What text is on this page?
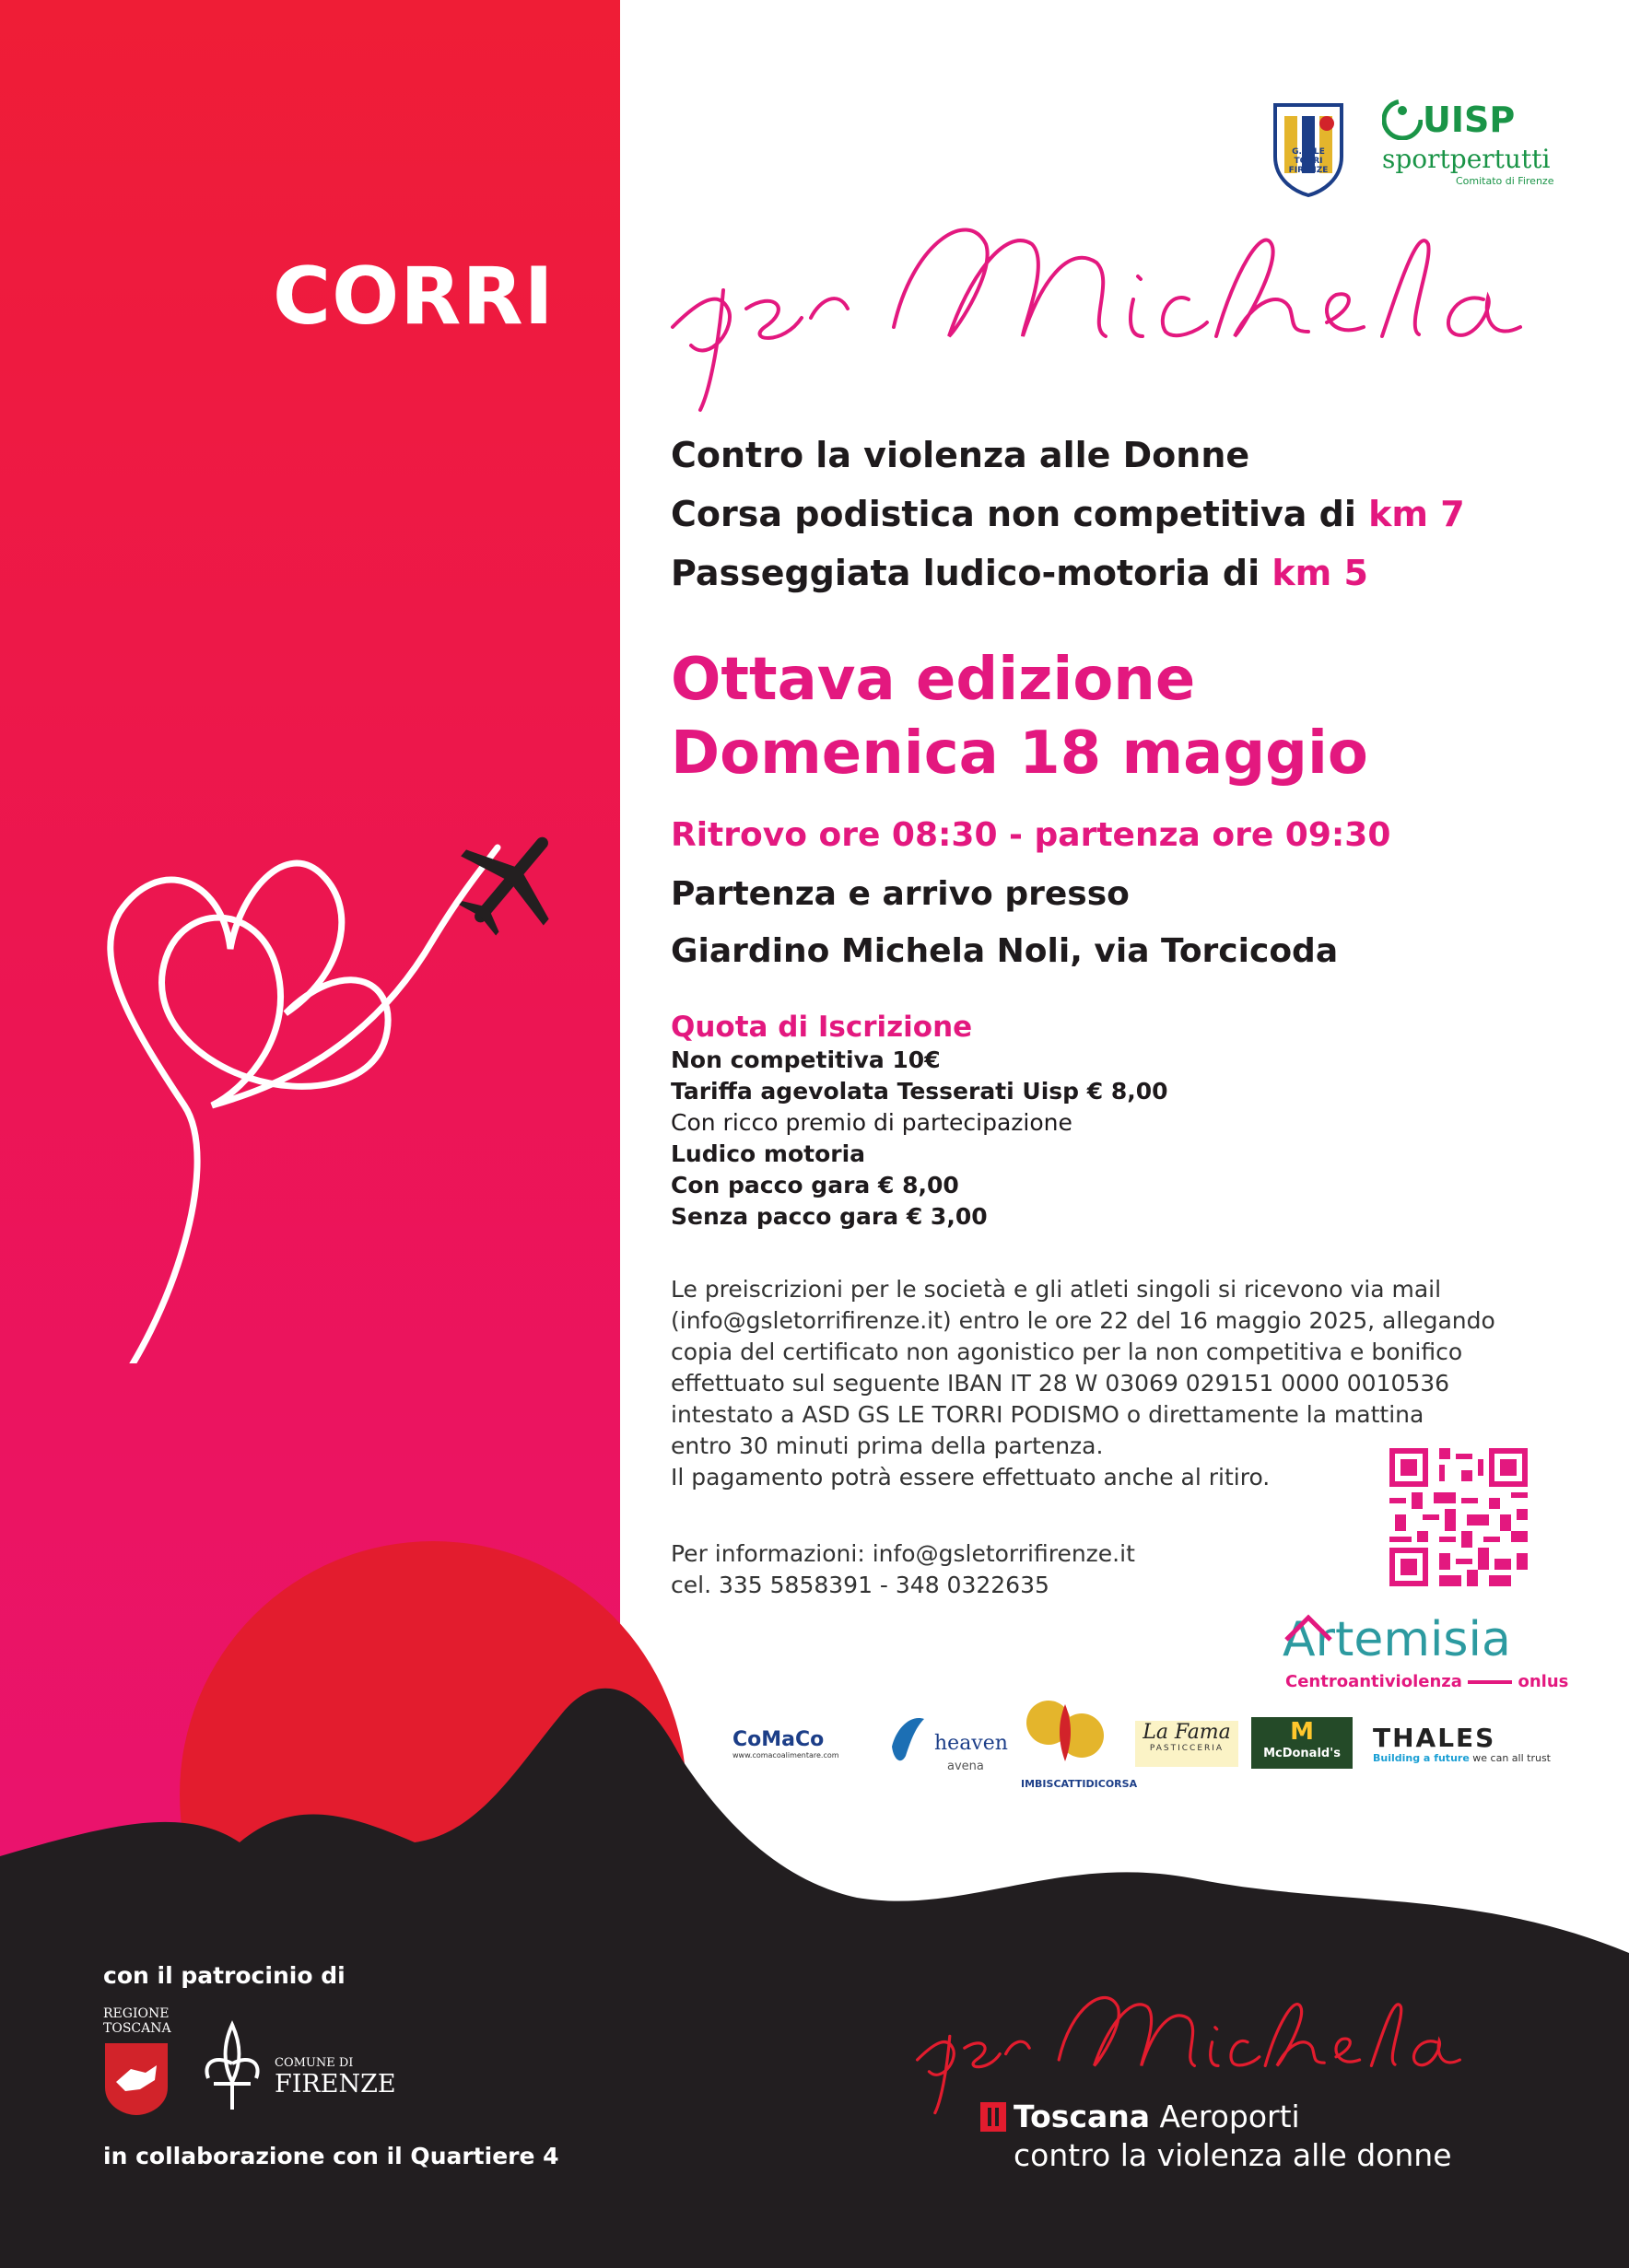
G.S. LE TORRI FIRENZE
UISP
sportpertutti
Comitato di Firenze
CORRI
Contro la violenza alle Donne
Corsa podistica non competitiva di km 7
Passeggiata ludico-motoria di km 5
Ottava edizione
Domenica 18 maggio
Ritrovo ore 08:30 - partenza ore 09:30
Partenza e arrivo presso
Giardino Michela Noli, via Torcicoda
Quota di Iscrizione
Non competitiva 10€
Tariffa agevolata Tesserati Uisp € 8,00
Con ricco premio di partecipazione
Ludico motoria
Con pacco gara € 8,00
Senza pacco gara € 3,00
Le preiscrizioni per le società e gli atleti singoli si ricevono via mail
(info@gsletorrifirenze.it) entro le ore 22 del 16 maggio 2025, allegando
copia del certificato non agonistico per la non competitiva e bonifico
effettuato sul seguente IBAN IT 28 W 03069 029151 0000 0010536
intestato a ASD GS LE TORRI PODISMO o direttamente la mattina
entro 30 minuti prima della partenza.
Il pagamento potrà essere effettuato anche al ritiro.
Per informazioni: info@gsletorrifirenze.it
cel. 335 5858391 - 348 0322635
Artemisia
Centroantiviolenza	onlus
CoMaCo
www.comacoalimentare.com
heaven
avena
IMBISCATTIDICORSA
La Fama
PASTICCERIA
M
McDonald's
THALES
Building a future we can all trust
con il patrocinio di
REGIONE
TOSCANA
COMUNE DI
FIRENZE
in collaborazione con il Quartiere 4
Toscana Aeroporti
contro la violenza alle donne
